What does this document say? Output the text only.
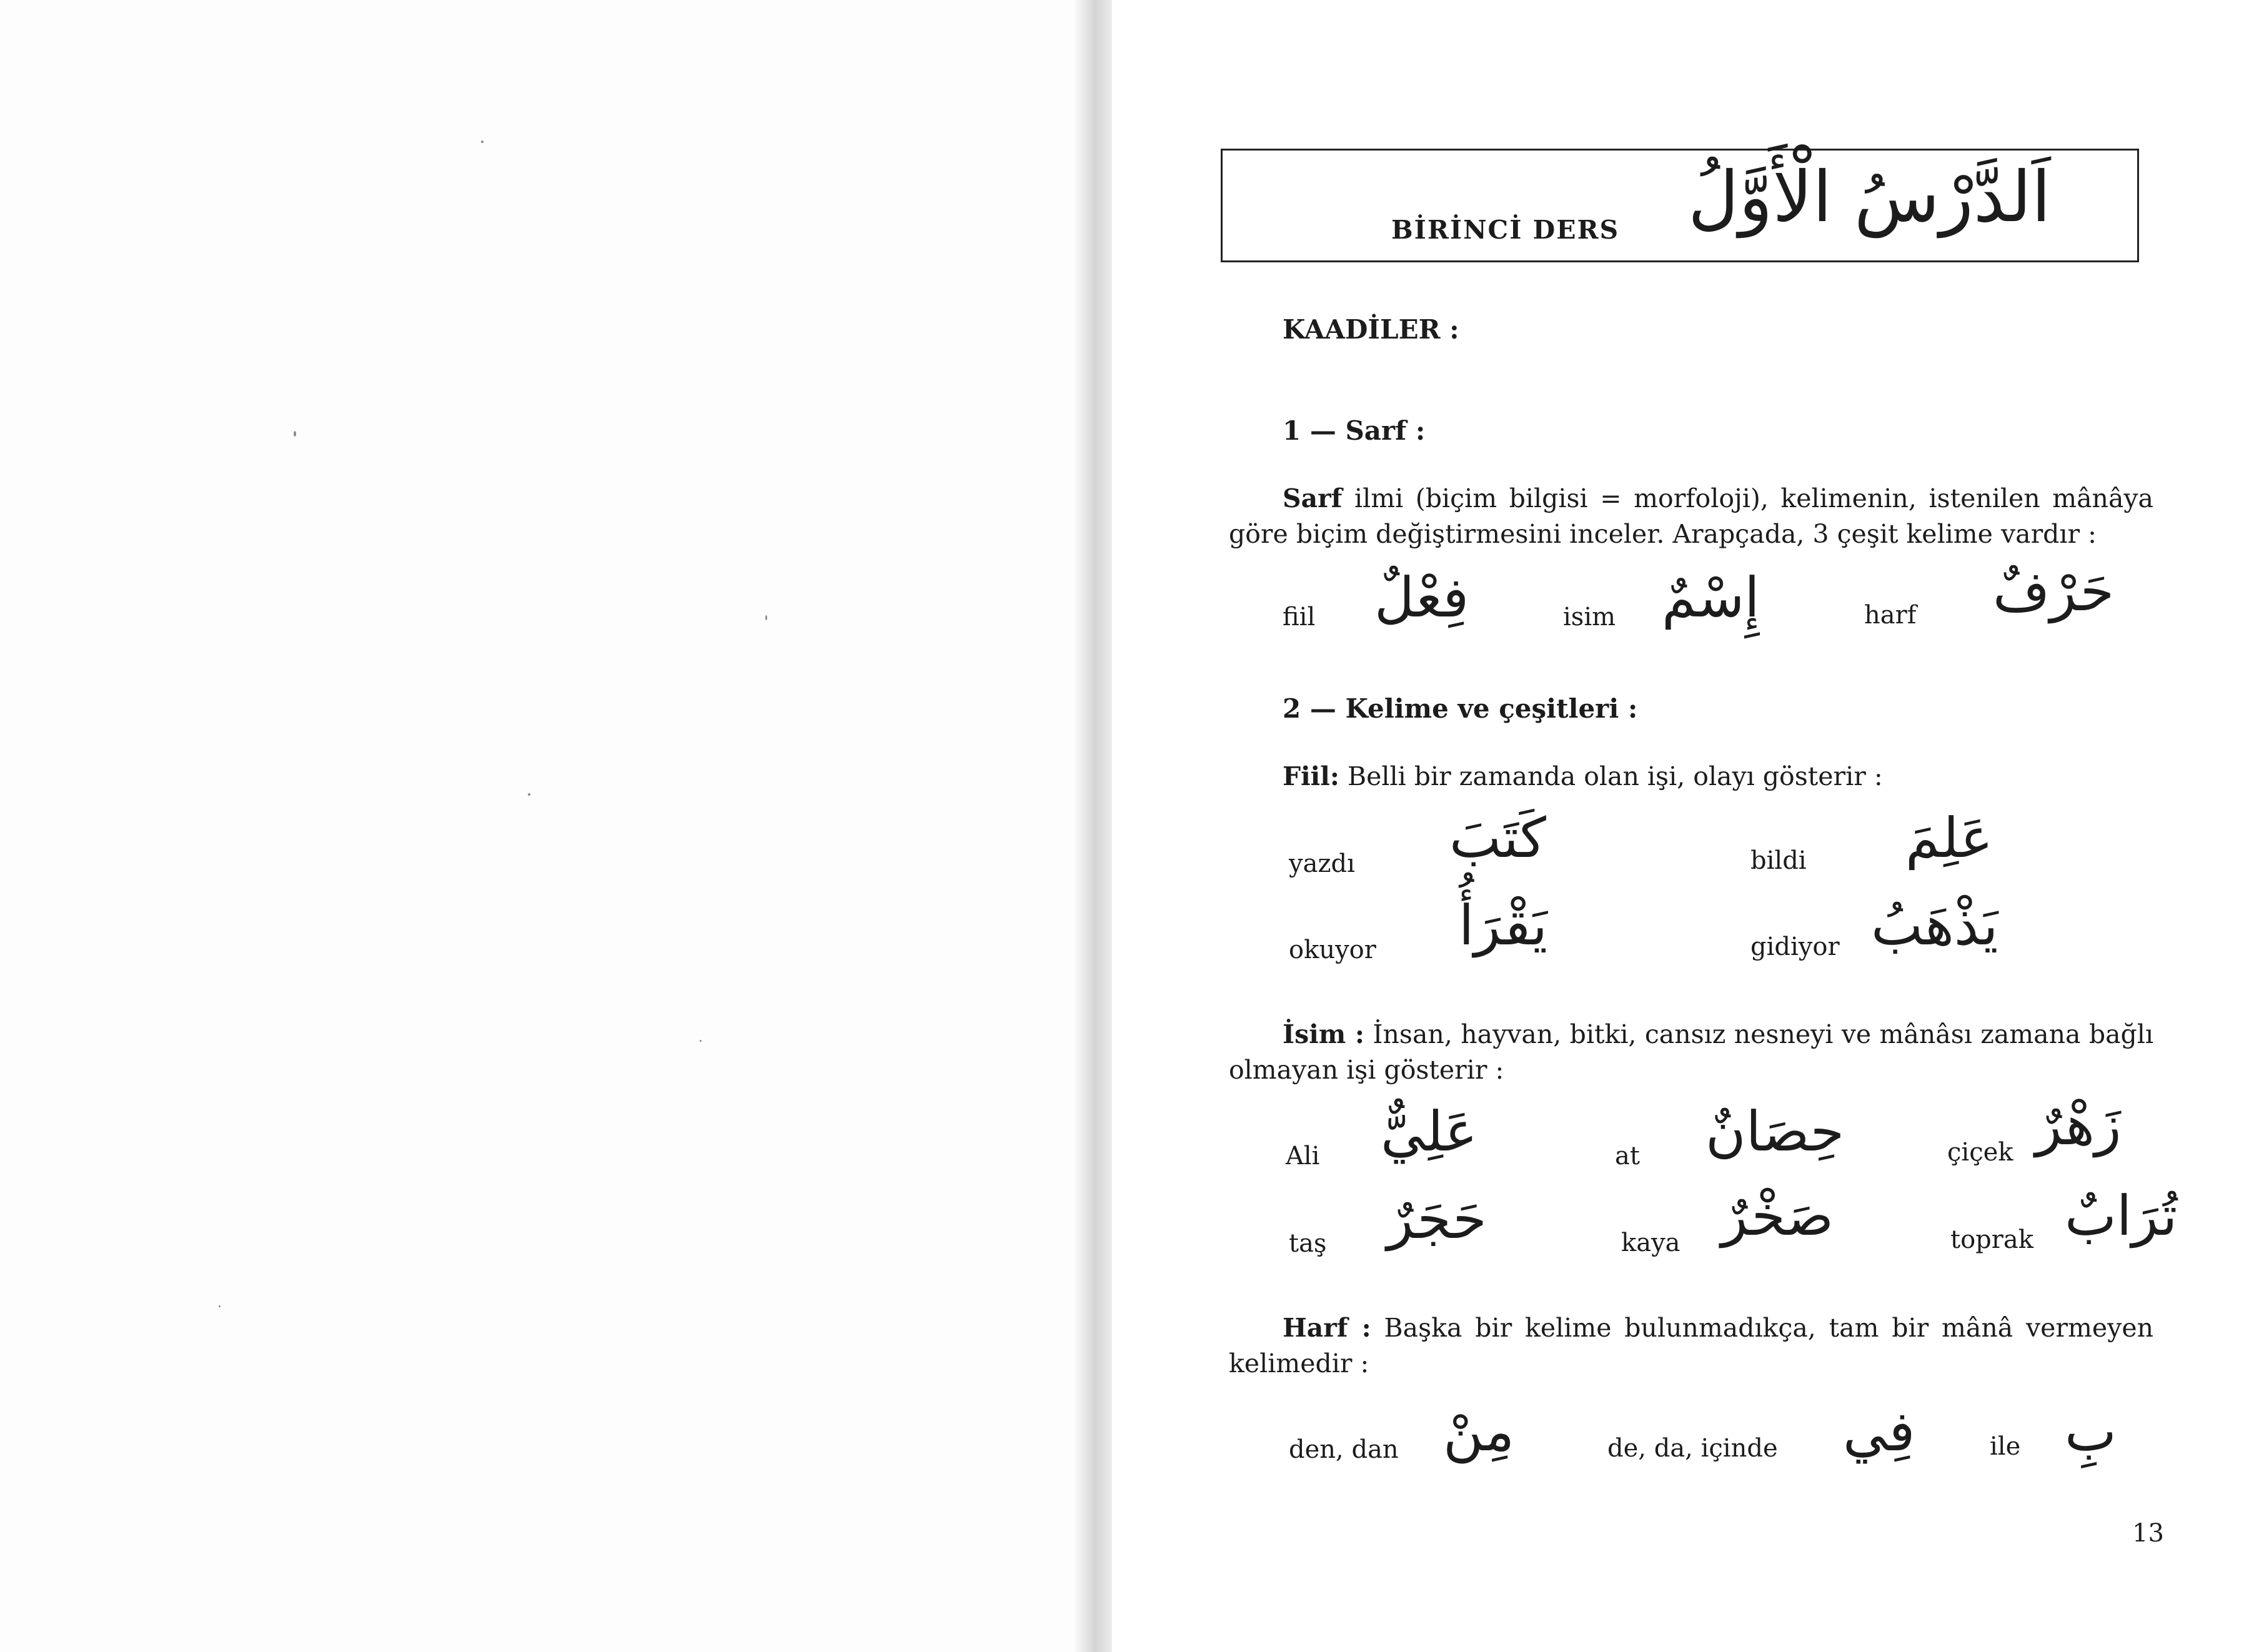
BİRİNCİ DERS اَلدَّرْسُ الْأَوَّلُ
KAADİLER :
1 — Sarf :
Sarf ilmi (biçim bilgisi = morfoloji), kelimenin, istenilen mânâya göre biçim değiştirmesini inceler. Arapçada, 3 çeşit kelime vardır :
fiil فِعْلٌ	isim إِسْمٌ	harf حَرْفٌ
2 — Kelime ve çeşitleri :
Fiil: Belli bir zamanda olan işi, olayı gösterir :
yazdı كَتَبَ	bildi عَلِمَ
okuyor يَقْرَأُ	gidiyor يَذْهَبُ
İsim : İnsan, hayvan, bitki, cansız nesneyi ve mânâsı zamana bağlı olmayan işi gösterir :
Ali عَلِيٌّ	at حِصَانٌ	çiçek زَهْرٌ
taş حَجَرٌ	kaya صَخْرٌ	toprak تُرَابٌ
Harf : Başka bir kelime bulunmadıkça, tam bir mânâ vermeyen kelimedir :
den, dan مِنْ	de, da, içinde فِي	ile بِ
13
